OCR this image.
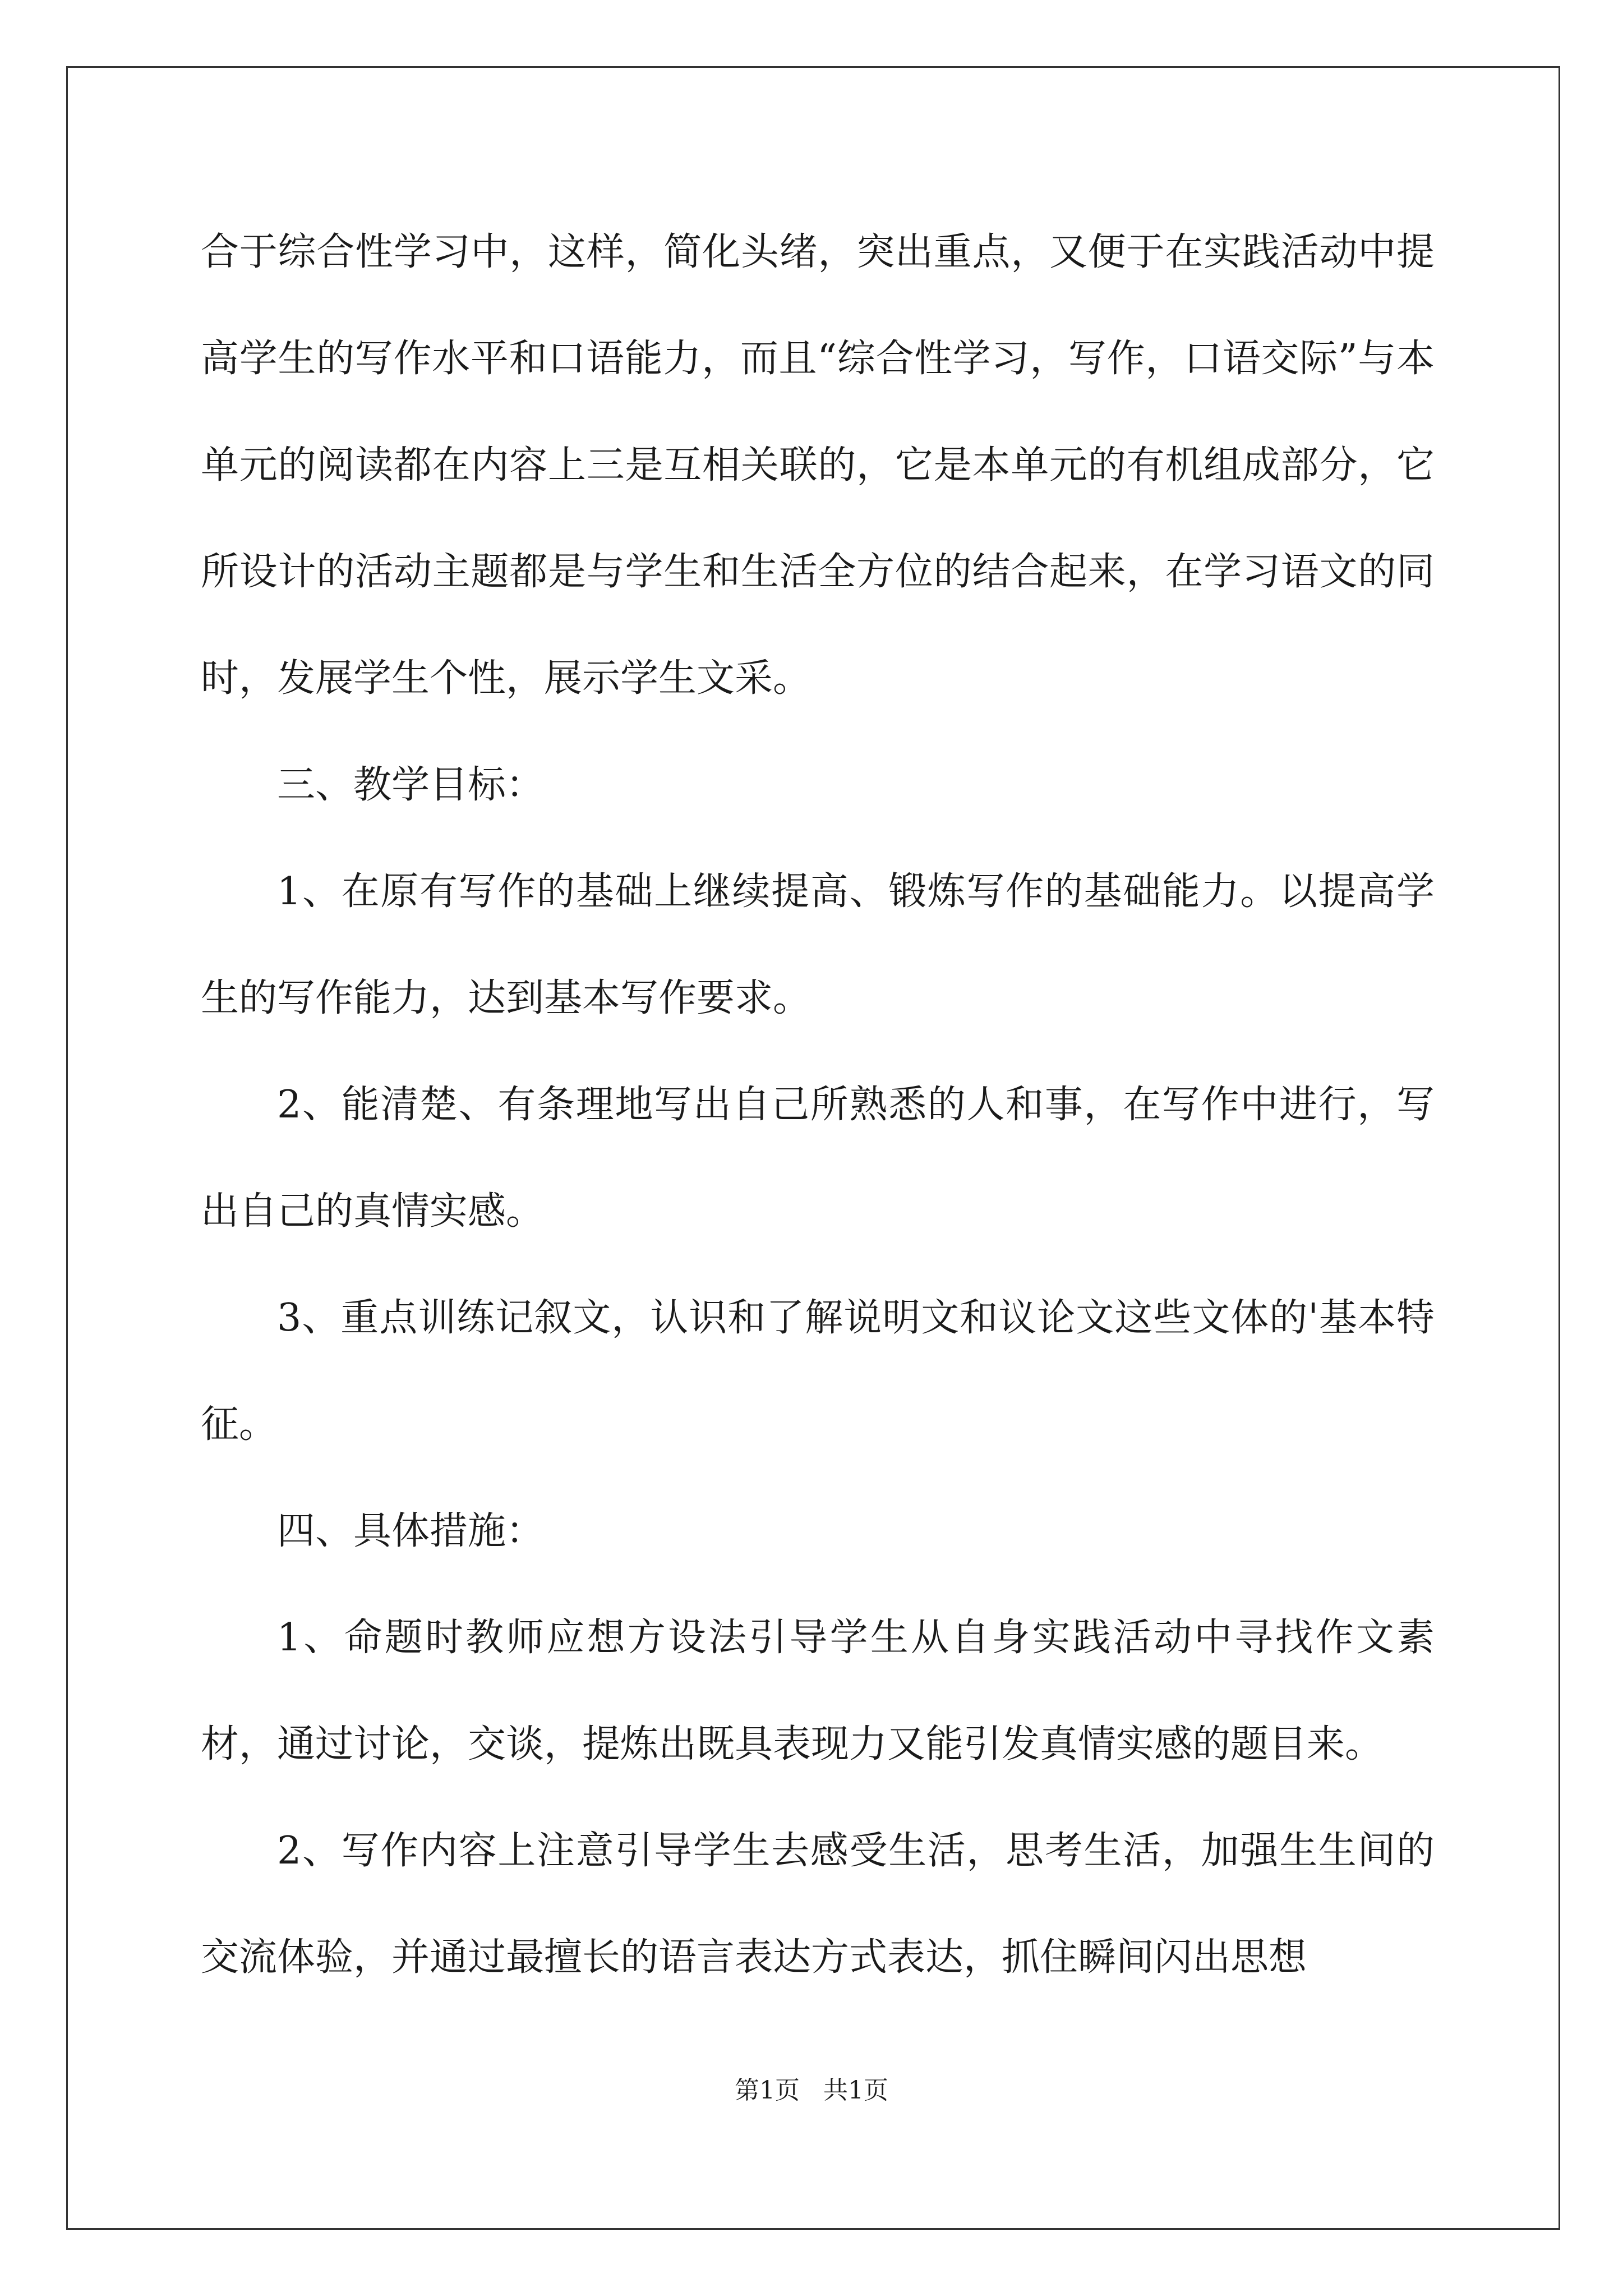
合于综合性学习中，这样，简化头绪，突出重点，又便于在实践活动中提高学生的写作水平和口语能力，而且“综合性学习，写作，口语交际”与本单元的阅读都在内容上三是互相关联的，它是本单元的有机组成部分，它所设计的活动主题都是与学生和生活全方位的结合起来，在学习语文的同时，发展学生个性，展示学生文采。

三、教学目标：

1、在原有写作的基础上继续提高、锻炼写作的基础能力。以提高学生的写作能力，达到基本写作要求。

2、能清楚、有条理地写出自己所熟悉的人和事，在写作中进行，写出自己的真情实感。

3、重点训练记叙文，认识和了解说明文和议论文这些文体的'基本特征。

四、具体措施：

1、命题时教师应想方设法引导学生从自身实践活动中寻找作文素材，通过讨论，交谈，提炼出既具表现力又能引发真情实感的题目来。

2、写作内容上注意引导学生去感受生活，思考生活，加强生生间的交流体验，并通过最擅长的语言表达方式表达，抓住瞬间闪出思想

第1页 共1页
